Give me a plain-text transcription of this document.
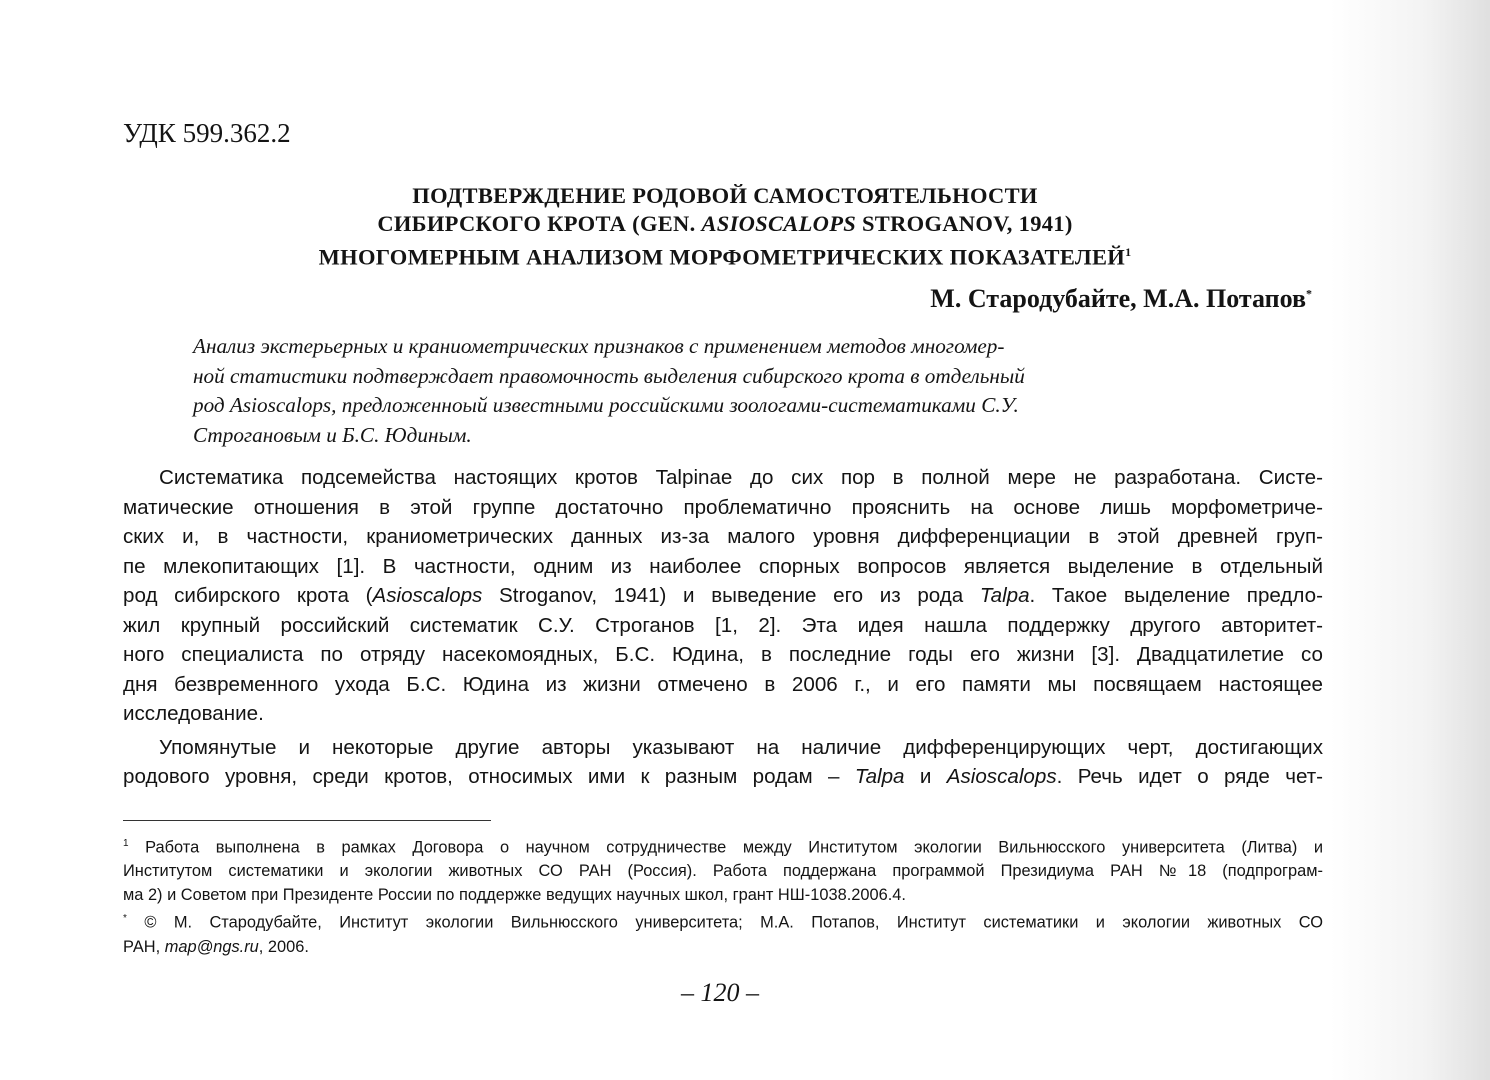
УДК 599.362.2
ПОДТВЕРЖДЕНИЕ РОДОВОЙ САМОСТОЯТЕЛЬНОСТИ
СИБИРСКОГО КРОТА (GEN. ASIOSCALOPS STROGANOV, 1941)
МНОГОМЕРНЫМ АНАЛИЗОМ МОРФОМЕТРИЧЕСКИХ ПОКАЗАТЕЛЕЙ$^1$
М. Стародубайте, М.А. Потапов*
Анализ экстерьерных и краниометрических признаков с применением методов многомер-
ной статистики подтверждает правомочность выделения сибирского крота в отдельный
род Asioscalops, предложенноый известными российскими зоологами-систематиками С.У.
Строгановым и Б.С. Юдиным.
Систематика подсемейства настоящих кротов Talpinae до сих пор в полной мере не разработана. Систе-
матические отношения в этой группе достаточно проблематично прояснить на основе лишь морфометриче-
ских и, в частности, краниометрических данных из-за малого уровня дифференциации в этой древней груп-
пе млекопитающих [1]. В частности, одним из наиболее спорных вопросов является выделение в отдельный
род сибирского крота (Asioscalops Stroganov, 1941) и выведение его из рода Talpa. Такое выделение предло-
жил крупный российский систематик С.У. Строганов [1, 2]. Эта идея нашла поддержку другого авторитет-
ного специалиста по отряду насекомоядных, Б.С. Юдина, в последние годы его жизни [3]. Двадцатилетие со
дня безвременного ухода Б.С. Юдина из жизни отмечено в 2006 г., и его памяти мы посвящаем настоящее
исследование.
Упомянутые и некоторые другие авторы указывают на наличие дифференцирующих черт, достигающих
родового уровня, среди кротов, относимых ими к разным родам – Talpa и Asioscalops. Речь идет о ряде чет-
$^1$ Работа выполнена в рамках Договора о научном сотрудничестве между Институтом экологии Вильнюсского университета (Литва) и
Институтом систематики и экологии животных СО РАН (Россия). Работа поддержана программой Президиума РАН №18 (подпрограм-
ма 2) и Советом при Президенте России по поддержке ведущих научных школ, грант НШ-1038.2006.4.
* © М. Стародубайте, Институт экологии Вильнюсского университета; М.А. Потапов, Институт систематики и экологии животных СО
РАН, map@ngs.ru, 2006.
– 120 –
